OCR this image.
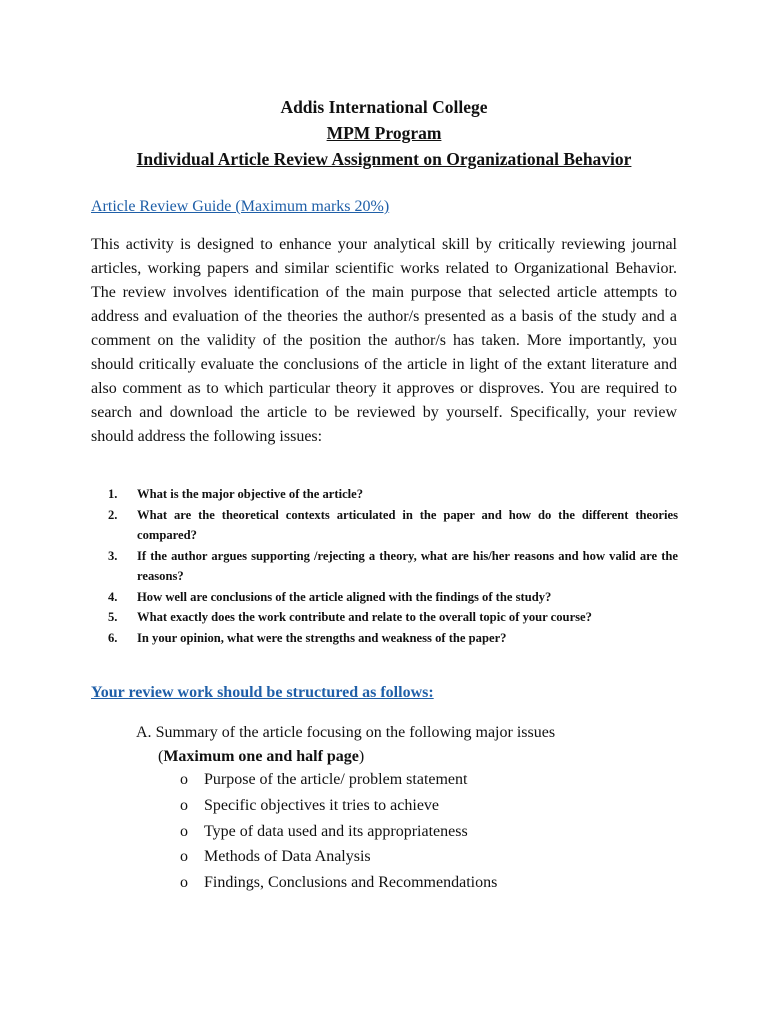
Addis International College
MPM Program
Individual Article Review Assignment on Organizational Behavior
Article Review Guide (Maximum marks 20%)
This activity is designed to enhance your analytical skill by critically reviewing journal articles, working papers and similar scientific works related to Organizational Behavior. The review involves identification of the main purpose that selected article attempts to address and evaluation of the theories the author/s presented as a basis of the study and a comment on the validity of the position the author/s has taken. More importantly, you should critically evaluate the conclusions of the article in light of the extant literature and also comment as to which particular theory it approves or disproves. You are required to search and download the article to be reviewed by yourself. Specifically, your review should address the following issues:
1. What is the major objective of the article?
2. What are the theoretical contexts articulated in the paper and how do the different theories compared?
3. If the author argues supporting /rejecting a theory, what are his/her reasons and how valid are the reasons?
4. How well are conclusions of the article aligned with the findings of the study?
5. What exactly does the work contribute and relate to the overall topic of your course?
6. In your opinion, what were the strengths and weakness of the paper?
Your review work should be structured as follows:
A. Summary of the article focusing on the following major issues
(Maximum one and half page)
o Purpose of the article/ problem statement
o Specific objectives it tries to achieve
o Type of data used and its appropriateness
o Methods of Data Analysis
o Findings, Conclusions and Recommendations
